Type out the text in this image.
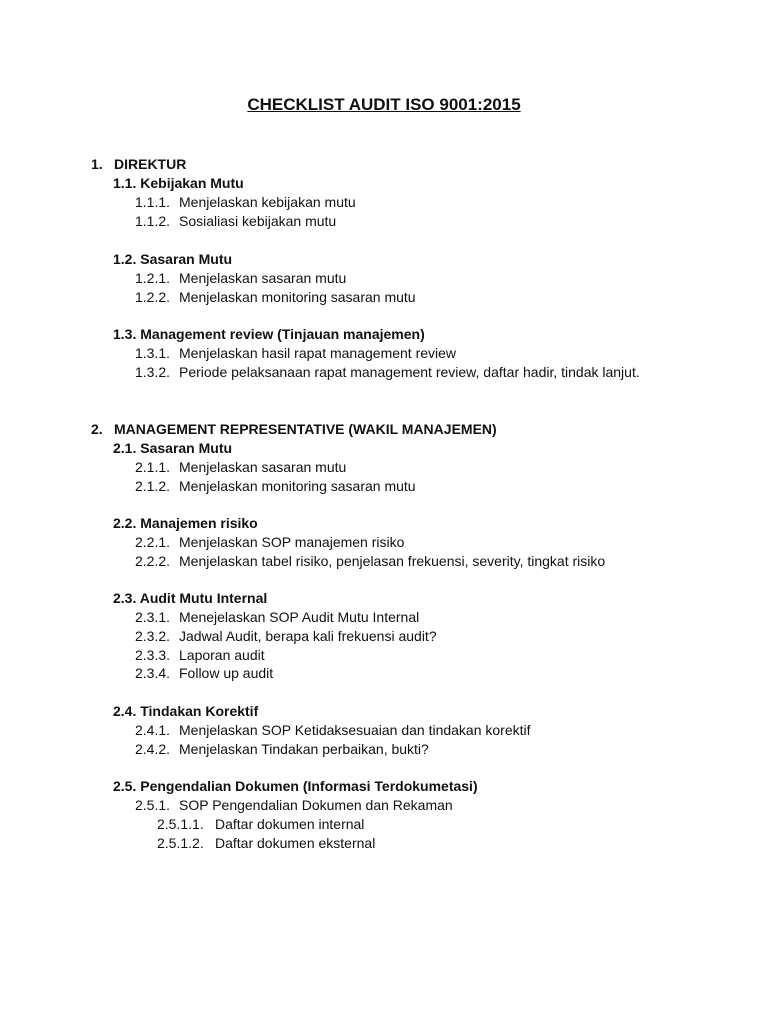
CHECKLIST AUDIT ISO 9001:2015
1. DIREKTUR
1.1. Kebijakan Mutu
1.1.1. Menjelaskan kebijakan mutu
1.1.2. Sosialiasi kebijakan mutu
1.2. Sasaran Mutu
1.2.1. Menjelaskan sasaran mutu
1.2.2. Menjelaskan monitoring sasaran mutu
1.3. Management review (Tinjauan manajemen)
1.3.1. Menjelaskan hasil rapat management review
1.3.2. Periode pelaksanaan rapat management review, daftar hadir, tindak lanjut.
2. MANAGEMENT REPRESENTATIVE (WAKIL MANAJEMEN)
2.1. Sasaran Mutu
2.1.1. Menjelaskan sasaran mutu
2.1.2. Menjelaskan monitoring sasaran mutu
2.2. Manajemen risiko
2.2.1. Menjelaskan SOP manajemen risiko
2.2.2. Menjelaskan tabel risiko, penjelasan frekuensi, severity, tingkat risiko
2.3. Audit Mutu Internal
2.3.1. Menejelaskan SOP Audit Mutu Internal
2.3.2. Jadwal Audit, berapa kali frekuensi audit?
2.3.3. Laporan audit
2.3.4. Follow up audit
2.4. Tindakan Korektif
2.4.1. Menjelaskan SOP Ketidaksesuaian dan tindakan korektif
2.4.2. Menjelaskan Tindakan perbaikan, bukti?
2.5. Pengendalian Dokumen (Informasi Terdokumetasi)
2.5.1. SOP Pengendalian Dokumen dan Rekaman
2.5.1.1. Daftar dokumen internal
2.5.1.2. Daftar dokumen eksternal
